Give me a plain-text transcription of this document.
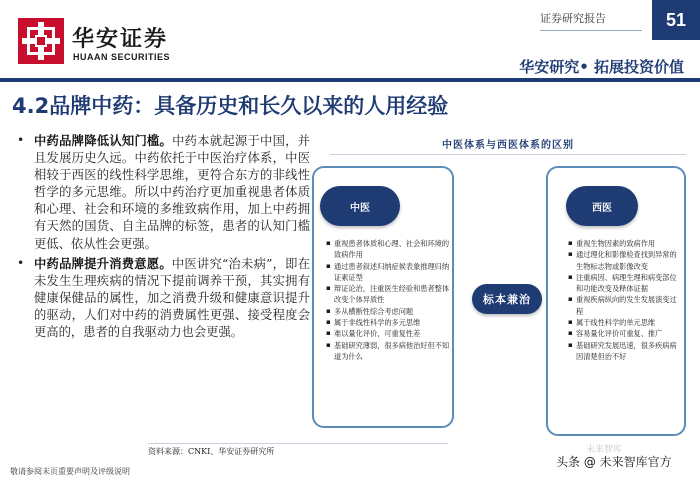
华安证券
HUAAN SECURITIES
证券研究报告	51
华安研究• 拓展投资价值
4.2品牌中药：具备历史和长久以来的人用经验
• 中药品牌降低认知门槛。中药本就起源于中国，并且发展历史久远。中药依托于中医治疗体系，中医相较于西医的线性科学思维，更符合东方的非线性哲学的多元思维。所以中药治疗更加重视患者体质和心理、社会和环境的多维致病作用，加上中药拥有天然的国货、自主品牌的标签，患者的认知门槛更低、依从性会更强。
• 中药品牌提升消费意愿。中医讲究“治未病”，即在未发生生理疾病的情况下提前调养干预，其实拥有健康保健品的属性，加之消费升级和健康意识提升的驱动，人们对中药的消费属性更强、接受程度会更高的，患者的自我驱动力也会更强。
中医体系与西医体系的区别
中医	西医
标本兼治
▪ 重视患者体质和心理、社会和环境的致病作用
▪ 通过患者叙述归纳症候表象推理归纳证素证型
▪ 辩证论治，注重医生经验和患者整体改变个体异质性
▪ 多从横断性综合考虑问题
▪ 属于非线性科学的多元思维
▪ 难以量化评价，可重复性差
▪ 基础研究薄弱，很多病他治好但不知道为什么
▪ 重视生物因素的致病作用
▪ 通过理化和影像检查找到异常的生物标志物或影像改变
▪ 注重病因、病理生理和病变部位和功能改变及释体证据
▪ 重视疾病纵向的发生发展演变过程
▪ 属于线性科学的单元思维
▪ 容易量化评价可重复、推广
▪ 基础研究发展迅速，很多疾病病因清楚但治不好
资料来源：CNKI、华安证券研究所
敬请参阅末页重要声明及评级说明
未来智库
头条 @ 未来智库官方
